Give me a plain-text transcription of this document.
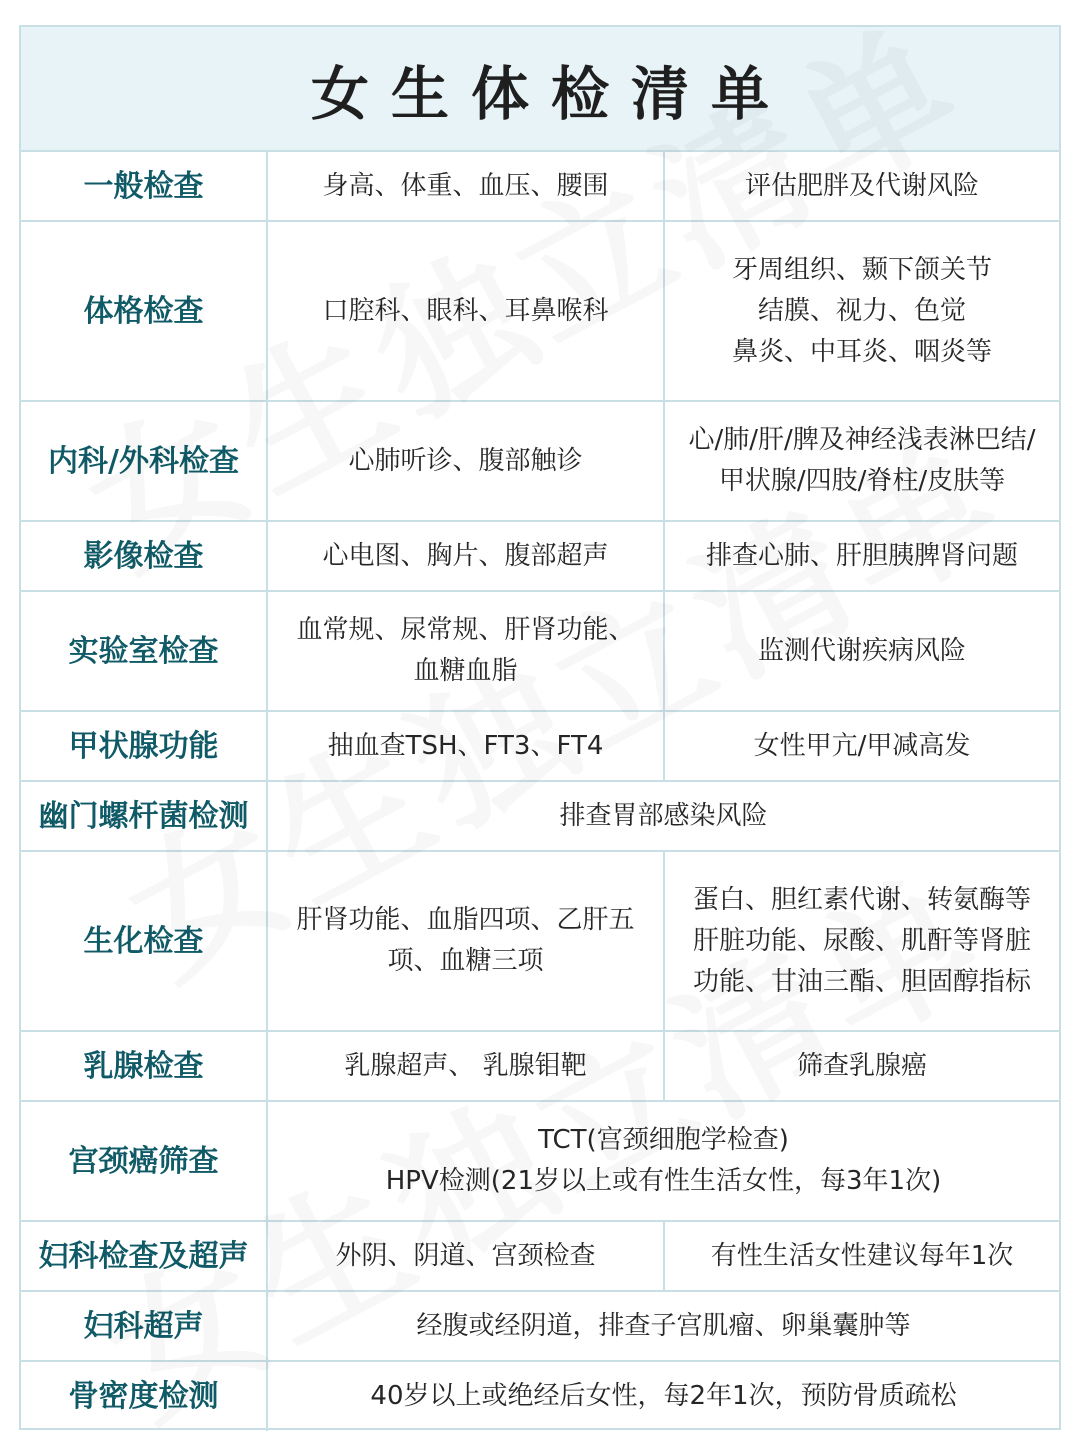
女生体检清单
一般检查	身高、体重、血压、腰围	评估肥胖及代谢风险

体格检查	口腔科、眼科、耳鼻喉科	牙周组织、颞下颌关节
结膜、视力、色觉
鼻炎、中耳炎、咽炎等

内科/外科检查	心肺听诊、腹部触诊	心/肺/肝/脾及神经浅表淋巴结/
甲状腺/四肢/脊柱/皮肤等

影像检查	心电图、胸片、腹部超声	排查心肺、肝胆胰脾肾问题

实验室检查	血常规、尿常规、肝肾功能、
血糖血脂	监测代谢疾病风险

甲状腺功能	抽血查TSH、FT3、FT4	女性甲亢/甲减高发

幽门螺杆菌检测	排查胃部感染风险	

生化检查	肝肾功能、血脂四项、乙肝五
项、血糖三项	蛋白、胆红素代谢、转氨酶等
肝脏功能、尿酸、肌酐等肾脏
功能、甘油三酯、胆固醇指标

乳腺检查	乳腺超声、 乳腺钼靶	筛查乳腺癌

宫颈癌筛查	TCT(宫颈细胞学检查)
HPV检测(21岁以上或有性生活女性，每3年1次)	

妇科检查及超声	外阴、阴道、宫颈检查	有性生活女性建议每年1次

妇科超声	经腹或经阴道，排查子宫肌瘤、卵巢囊肿等	

骨密度检测	40岁以上或绝经后女性，每2年1次，预防骨质疏松	
